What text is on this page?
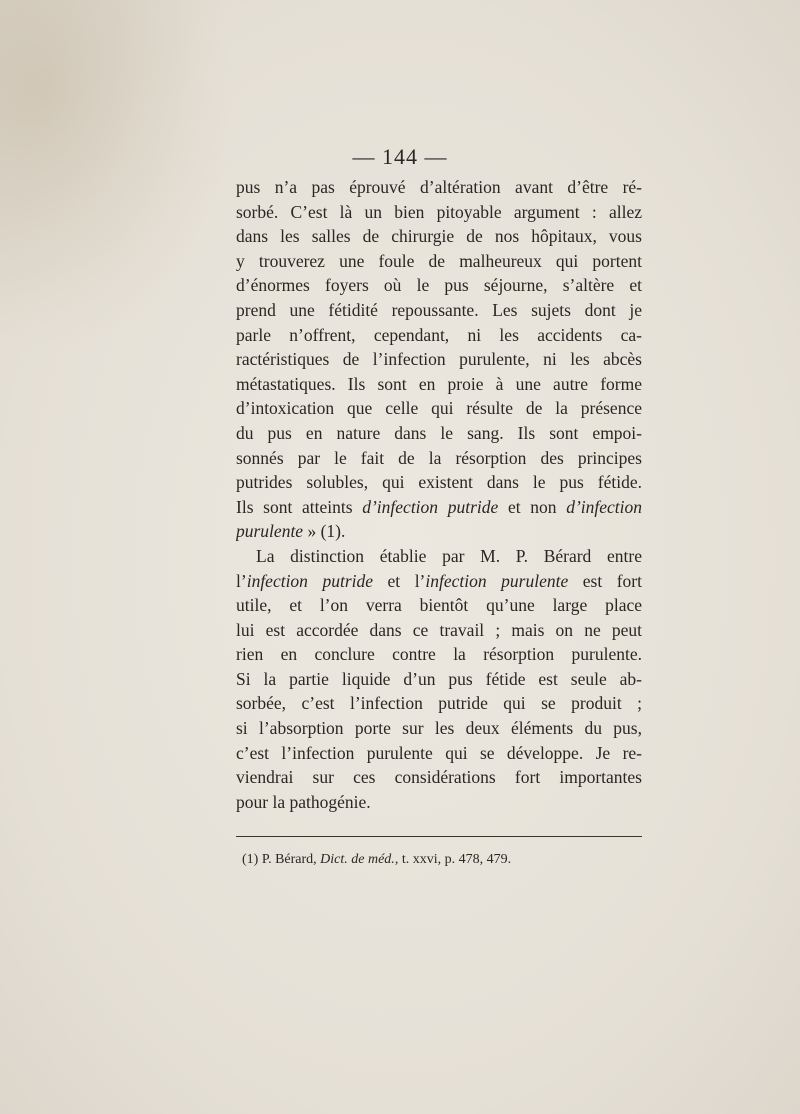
— 144 —
pus n’a pas éprouvé d’altération avant d’être ré-
sorbé. C’est là un bien pitoyable argument : allez
dans les salles de chirurgie de nos hôpitaux, vous
y trouverez une foule de malheureux qui portent
d’énormes foyers où le pus séjourne, s’altère et
prend une fétidité repoussante. Les sujets dont je
parle n’offrent, cependant, ni les accidents ca-
ractéristiques de l’infection purulente, ni les abcès
métastatiques. Ils sont en proie à une autre forme
d’intoxication que celle qui résulte de la présence
du pus en nature dans le sang. Ils sont empoi-
sonnés par le fait de la résorption des principes
putrides solubles, qui existent dans le pus fétide.
Ils sont atteints d’infection putride et non d’infection
purulente » (1).
La distinction établie par M. P. Bérard entre
l’infection putride et l’infection purulente est fort
utile, et l’on verra bientôt qu’une large place
lui est accordée dans ce travail ; mais on ne peut
rien en conclure contre la résorption purulente.
Si la partie liquide d’un pus fétide est seule ab-
sorbée, c’est l’infection putride qui se produit ;
si l’absorption porte sur les deux éléments du pus,
c’est l’infection purulente qui se développe. Je re-
viendrai sur ces considérations fort importantes
pour la pathogénie.
(1) P. Bérard, Dict. de méd., t. xxvi, p. 478, 479.
